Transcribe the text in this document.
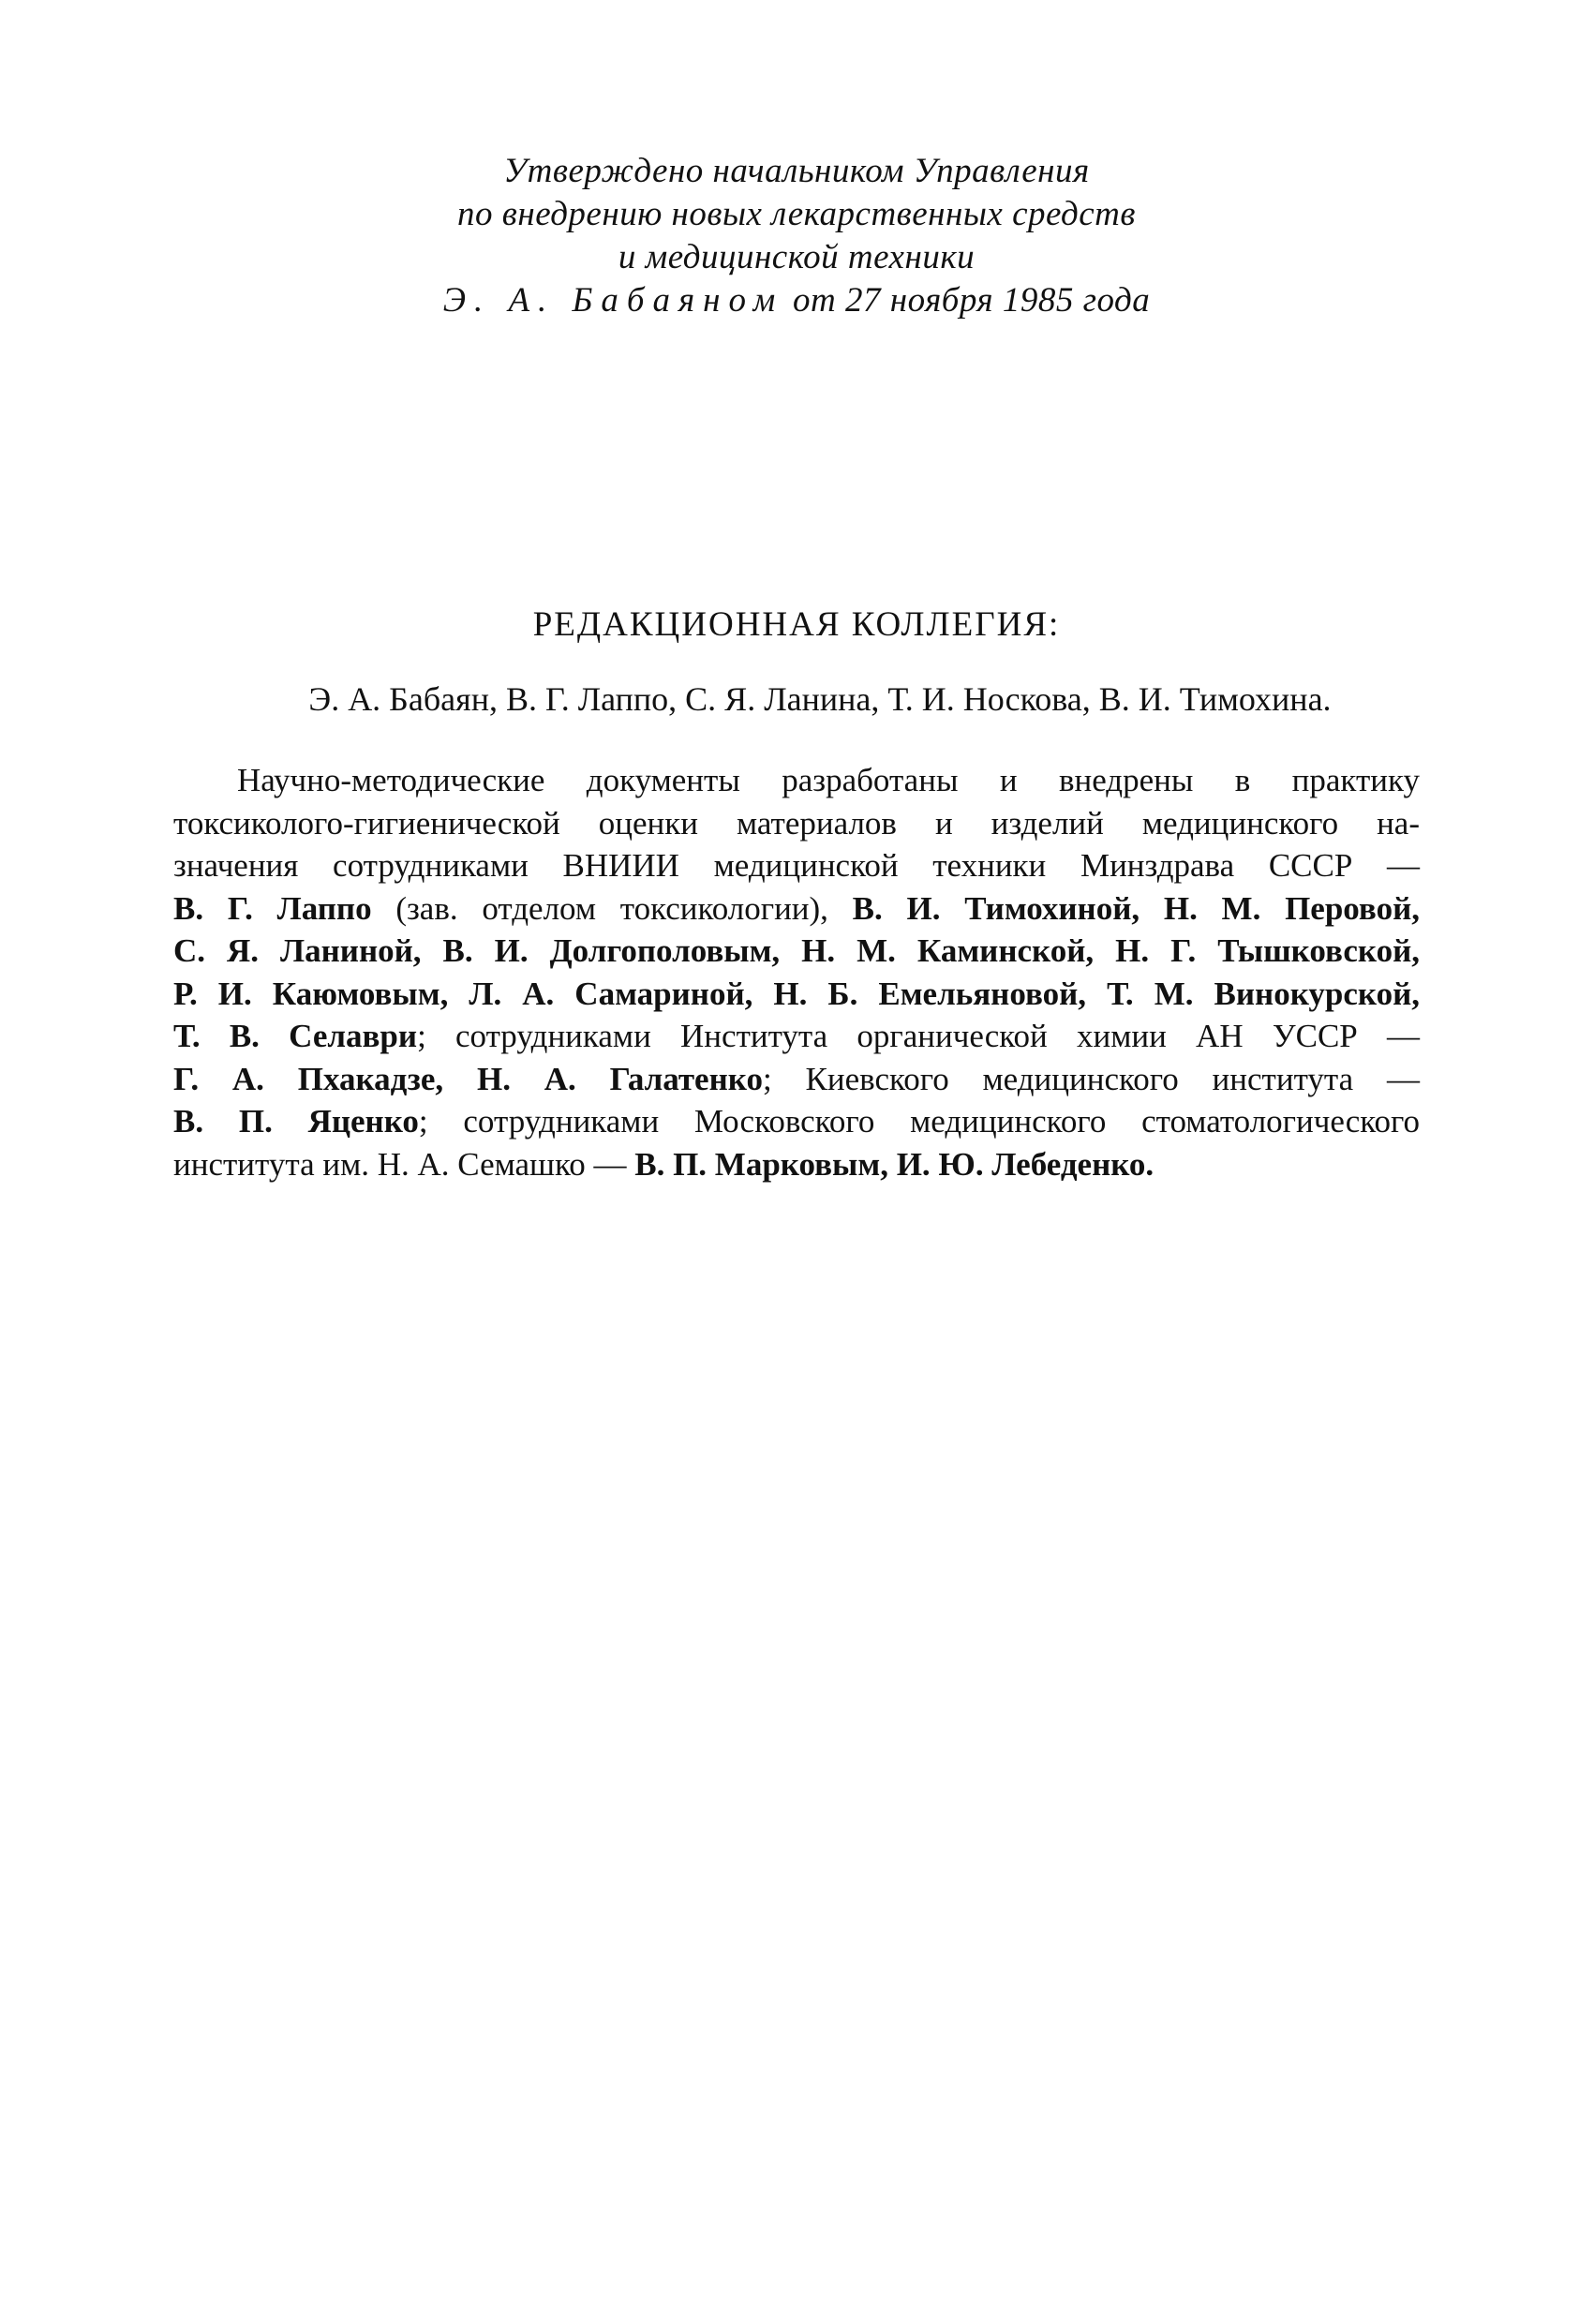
Утверждено начальником Управления
по внедрению новых лекарственных средств
и медицинской техники
Э. А. Бабаяном от 27 ноября 1985 года
РЕДАКЦИОННАЯ КОЛЛЕГИЯ:
Э. А. Бабаян, В. Г. Лаппо, С. Я. Ланина, Т. И. Носкова, В. И. Тимохина.
Научно-методические документы разработаны и внедрены в практику
токсиколого-гигиенической оценки материалов и изделий медицинского на-
значения сотрудниками ВНИИИ медицинской техники Минздрава СССР —
В. Г. Лаппо (зав. отделом токсикологии), В. И. Тимохиной, Н. М. Перовой,
С. Я. Ланиной, В. И. Долгополовым, Н. М. Каминской, Н. Г. Тышковской,
Р. И. Каюмовым, Л. А. Самариной, Н. Б. Емельяновой, Т. М. Винокурской,
Т. В. Селаври; сотрудниками Института органической химии АН УССР —
Г. А. Пхакадзе, Н. А. Галатенко; Киевского медицинского института —
В. П. Яценко; сотрудниками Московского медицинского стоматологического
института им. Н. А. Семашко — В. П. Марковым, И. Ю. Лебеденко.
